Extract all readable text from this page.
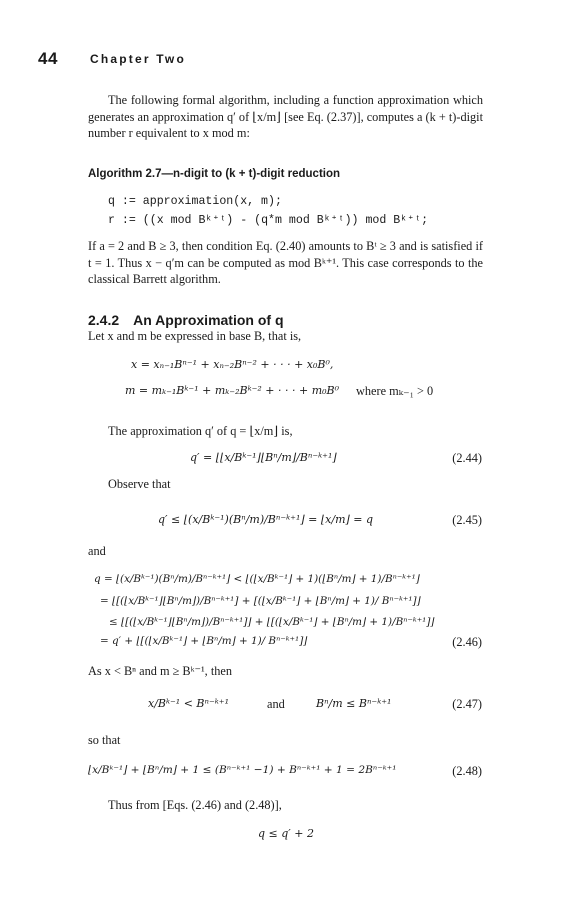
44	Chapter Two
The following formal algorithm, including a function approximation which generates an approximation q′ of ⌊x/m⌋ [see Eq. (2.37)], computes a (k + t)-digit number r equivalent to x mod m:
Algorithm 2.7—n-digit to (k + t)-digit reduction
q := approximation(x, m);
r := ((x mod Bᵏ⁺ᵗ) - (q*m mod Bᵏ⁺ᵗ)) mod Bᵏ⁺ᵗ;
If a = 2 and B ≥ 3, then condition Eq. (2.40) amounts to Bᵗ ≥ 3 and is satisfied if t = 1. Thus x − q′m can be computed as mod Bᵏ⁺¹. This case corresponds to the classical Barrett algorithm.
2.4.2 An Approximation of q
Let x and m be expressed in base B, that is,
x = xₙ₋₁Bⁿ⁻¹ + xₙ₋₂Bⁿ⁻² + · · · + x₀B⁰,
m = mₖ₋₁Bᵏ⁻¹ + mₖ₋₂Bᵏ⁻² + · · · + m₀B⁰ where mₖ₋₁ > 0
The approximation q′ of q = ⌊x/m⌋ is,
q′ = ⌊⌊x/Bᵏ⁻¹⌋⌊Bⁿ/m⌋/Bⁿ⁻ᵏ⁺¹⌋	(2.44)
Observe that
q′ ≤ ⌊(x/Bᵏ⁻¹)(Bⁿ/m)/Bⁿ⁻ᵏ⁺¹⌋ = ⌊x/m⌋ = q	(2.45)
and
q = ⌊(x/Bᵏ⁻¹)(Bⁿ/m)/Bⁿ⁻ᵏ⁺¹⌋ < ⌊(⌊x/Bᵏ⁻¹⌋ + 1)(⌊Bⁿ/m⌋ + 1)/Bⁿ⁻ᵏ⁺¹⌋
= ⌊[(⌊x/Bᵏ⁻¹⌋⌊Bⁿ/m⌋)/Bⁿ⁻ᵏ⁺¹] + [(⌊x/Bᵏ⁻¹⌋ + ⌊Bⁿ/m⌋ + 1)/ Bⁿ⁻ᵏ⁺¹]⌋
≤ ⌊[(⌊x/Bᵏ⁻¹⌋⌊Bⁿ/m⌋)/Bⁿ⁻ᵏ⁺¹]⌋ + ⌊[(⌊x/Bᵏ⁻¹⌋ + ⌊Bⁿ/m⌋ + 1)/Bⁿ⁻ᵏ⁺¹]⌋
= q′ + ⌊[(⌊x/Bᵏ⁻¹⌋ + ⌊Bⁿ/m⌋ + 1)/ Bⁿ⁻ᵏ⁺¹]⌋	(2.46)
As x < Bⁿ and m ≥ Bᵏ⁻¹, then
x/Bᵏ⁻¹ < Bⁿ⁻ᵏ⁺¹	and	Bⁿ/m ≤ Bⁿ⁻ᵏ⁺¹	(2.47)
so that
⌊x/Bᵏ⁻¹⌋ + ⌊Bⁿ/m⌋ + 1 ≤ (Bⁿ⁻ᵏ⁺¹ −1) + Bⁿ⁻ᵏ⁺¹ + 1 = 2Bⁿ⁻ᵏ⁺¹	(2.48)
Thus from [Eqs. (2.46) and (2.48)],
q ≤ q′ + 2
